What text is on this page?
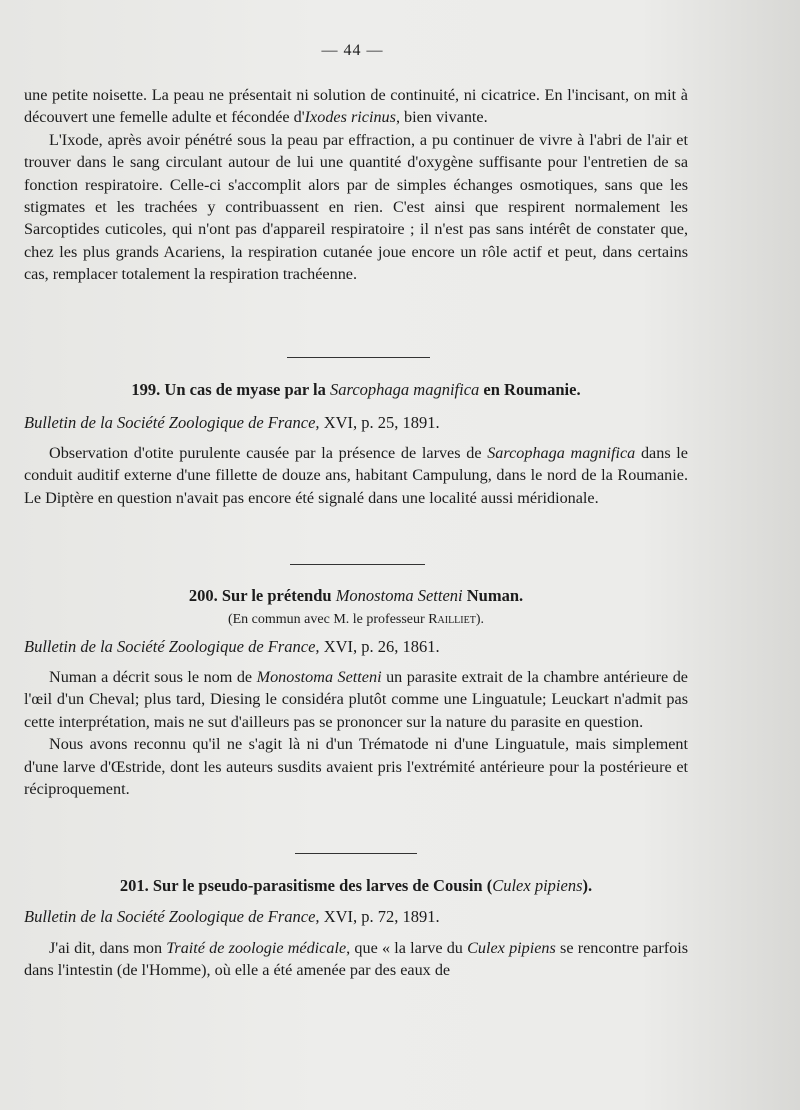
— 44 —

une petite noisette. La peau ne présentait ni solution de continuité, ni cicatrice. En l'incisant, on mit à découvert une femelle adulte et fécondée d'Ixodes ricinus, bien vivante.

L'Ixode, après avoir pénétré sous la peau par effraction, a pu continuer de vivre à l'abri de l'air et trouver dans le sang circulant autour de lui une quantité d'oxygène suffisante pour l'entretien de sa fonction respiratoire. Celle-ci s'accomplit alors par de simples échanges osmotiques, sans que les stigmates et les trachées y contribuassent en rien. C'est ainsi que respirent normalement les Sarcoptides cuticoles, qui n'ont pas d'appareil respiratoire ; il n'est pas sans intérêt de constater que, chez les plus grands Acariens, la respiration cutanée joue encore un rôle actif et peut, dans certains cas, remplacer totalement la respiration trachéenne.

199. Un cas de myase par la Sarcophaga magnifica en Roumanie.

Bulletin de la Société Zoologique de France, XVI, p. 25, 1891.

Observation d'otite purulente causée par la présence de larves de Sarcophaga magnifica dans le conduit auditif externe d'une fillette de douze ans, habitant Campulung, dans le nord de la Roumanie. Le Diptère en question n'avait pas encore été signalé dans une localité aussi méridionale.

200. Sur le prétendu Monostoma Setteni Numan.

(En commun avec M. le professeur Railliet).

Bulletin de la Société Zoologique de France, XVI, p. 26, 1861.

Numan a décrit sous le nom de Monostoma Setteni un parasite extrait de la chambre antérieure de l'œil d'un Cheval; plus tard, Diesing le considéra plutôt comme une Linguatule; Leuckart n'admit pas cette interprétation, mais ne sut d'ailleurs pas se prononcer sur la nature du parasite en question.

Nous avons reconnu qu'il ne s'agit là ni d'un Trématode ni d'une Linguatule, mais simplement d'une larve d'Œstride, dont les auteurs susdits avaient pris l'extrémité antérieure pour la postérieure et réciproquement.

201. Sur le pseudo-parasitisme des larves de Cousin (Culex pipiens).

Bulletin de la Société Zoologique de France, XVI, p. 72, 1891.

J'ai dit, dans mon Traité de zoologie médicale, que « la larve du Culex pipiens se rencontre parfois dans l'intestin (de l'Homme), où elle a été amenée par des eaux de
